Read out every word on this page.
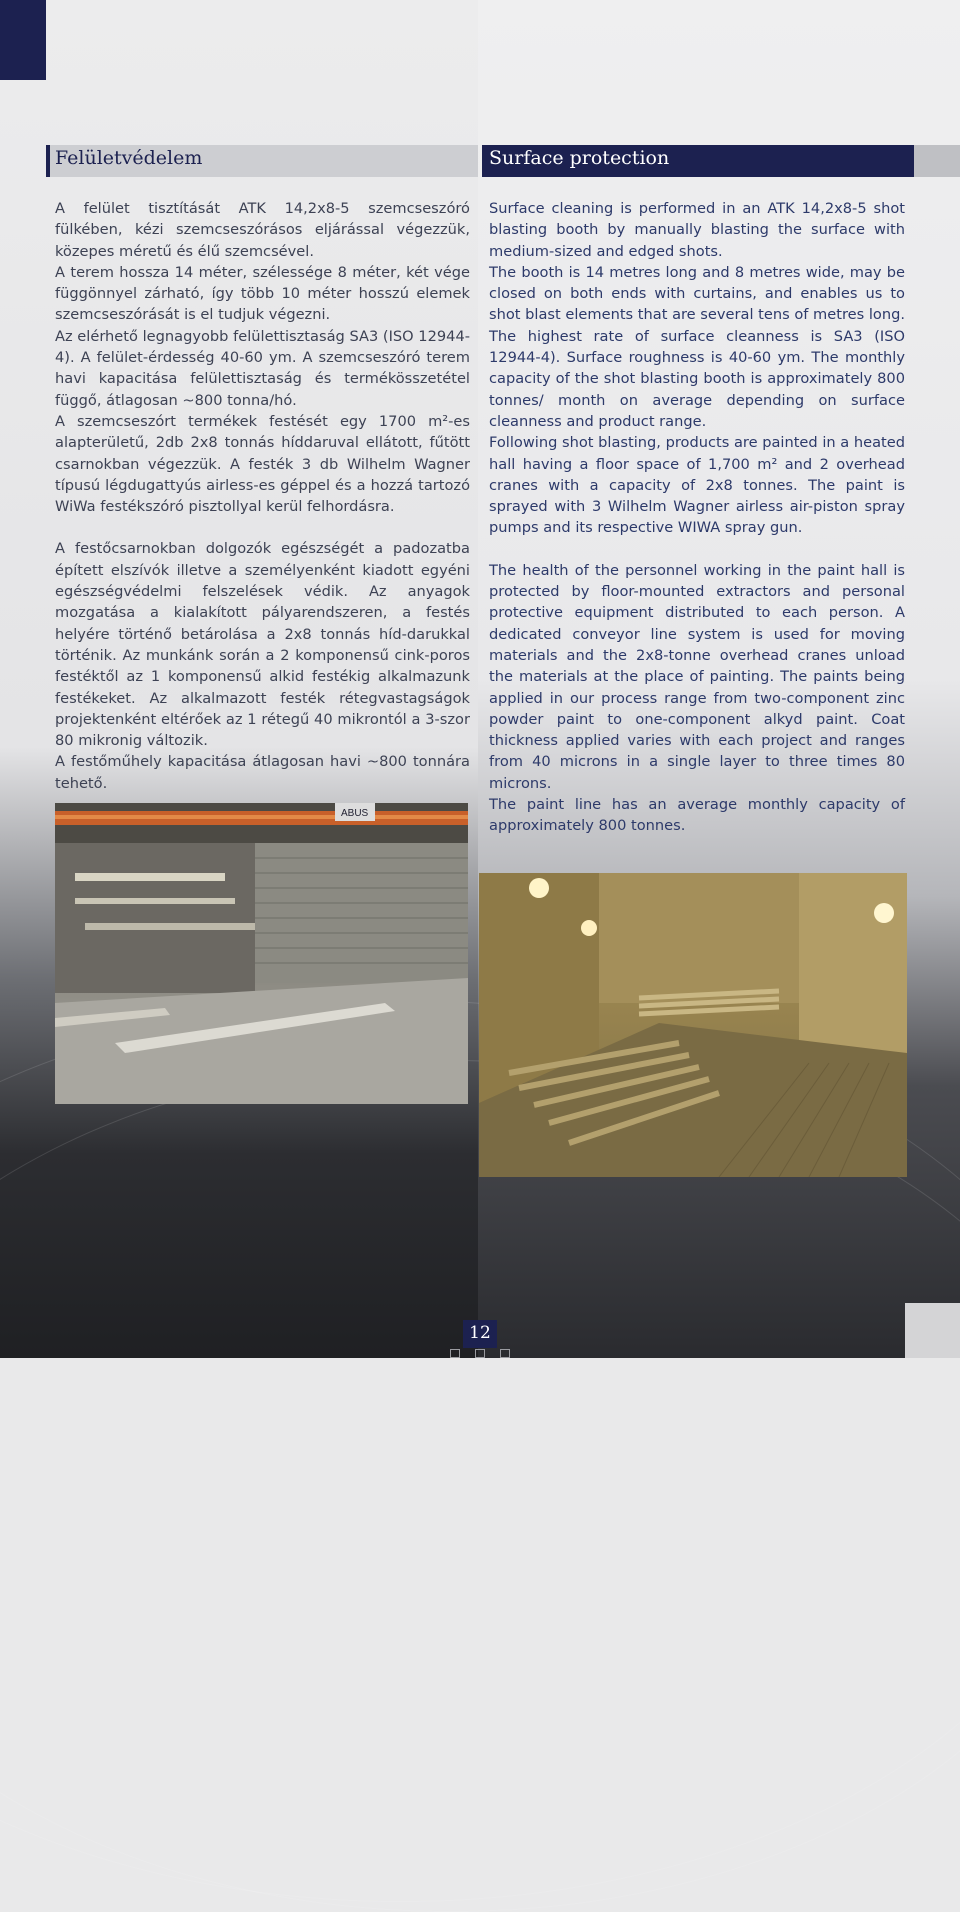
Felületvédelem	Surface protection

A felület tisztítását ATK 14,2x8-5 szemcseszóró fülkében, kézi szemcseszórásos eljárással végezzük, közepes méretű és élű szemcsével.

A terem hossza 14 méter, szélessége 8 méter, két vége függönnyel zárható, így több 10 méter hosszú elemek szemcseszórását is el tudjuk végezni.

Az elérhető legnagyobb felülettisztaság SA3 (ISO 12944-4). A felület-érdesség 40-60 ym. A szemcseszóró terem havi kapacitása felülettisztaság és termékösszetétel függő, átlagosan ~800 tonna/hó.

A szemcseszórt termékek festését egy 1700 m²-es alapterületű, 2db 2x8 tonnás híddaruval ellátott, fűtött csarnokban végezzük. A festék 3 db Wilhelm Wagner típusú légdugattyús airless-es géppel és a hozzá tartozó WiWa festékszóró pisztollyal kerül felhordásra.

A festőcsarnokban dolgozók egészségét a padozatba épített elszívók illetve a személyenként kiadott egyéni egészségvédelmi felszelések védik. Az anyagok mozgatása a kialakított pályarendszeren, a festés helyére történő betárolása a 2x8 tonnás híd-darukkal történik. Az munkánk során a 2 komponensű cink-poros festéktől az 1 komponensű alkid festékig alkalmazunk festékeket. Az alkalmazott festék rétegvastagságok projektenként eltérőek az 1 rétegű 40 mikrontól a 3-szor 80 mikronig változik.

A festőműhely kapacitása átlagosan havi ~800 tonnára tehető.

Surface cleaning is performed in an ATK 14,2x8-5 shot blasting booth by manually blasting the surface with medium-sized and edged shots.

The booth is 14 metres long and 8 metres wide, may be closed on both ends with curtains, and enables us to shot blast elements that are several tens of metres long.

The highest rate of surface cleanness is SA3 (ISO 12944-4). Surface roughness is 40-60 ym. The monthly capacity of the shot blasting booth is approximately 800 tonnes/ month on average depending on surface cleanness and product range.

Following shot blasting, products are painted in a heated hall having a floor space of 1,700 m² and 2 overhead cranes with a capacity of 2x8 tonnes. The paint is sprayed with 3 Wilhelm Wagner airless air-piston spray pumps and its respective WIWA spray gun.

The health of the personnel working in the paint hall is protected by floor-mounted extractors and personal protective equipment distributed to each person. A dedicated conveyor line system is used for moving materials and the 2x8-tonne overhead cranes unload the materials at the place of painting. The paints being applied in our process range from two-component zinc powder paint to one-component alkyd paint. Coat thickness applied varies with each project and ranges from 40 microns in a single layer to three times 80 microns.

The paint line has an average monthly capacity of approximately 800 tonnes.

ABUS
12
